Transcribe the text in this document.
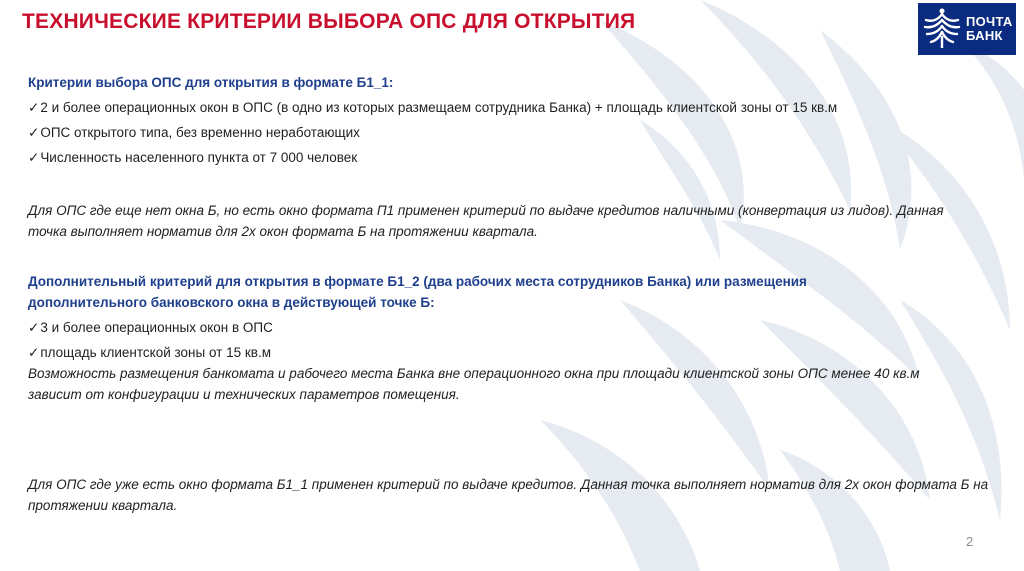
ТЕХНИЧЕСКИЕ КРИТЕРИИ ВЫБОРА ОПС ДЛЯ ОТКРЫТИЯ	ПОЧТА
БАНК
Критерии выбора ОПС для открытия в формате Б1_1:
✓2 и более операционных окон в ОПС (в одно из которых размещаем сотрудника Банка) + площадь клиентской зоны от 15 кв.м
✓ОПС открытого типа, без временно неработающих
✓Численность населенного пункта от 7 000 человек
Для ОПС где еще нет окна Б, но есть окно формата П1 применен критерий по выдаче кредитов наличными (конвертация из лидов). Данная точка выполняет норматив для 2х окон формата Б на протяжении квартала.
Дополнительный критерий для открытия в формате Б1_2 (два рабочих места сотрудников Банка) или размещения дополнительного банковского окна в действующей точке Б:
✓3 и более операционных окон в ОПС
✓площадь клиентской зоны от 15 кв.м
Возможность размещения банкомата и рабочего места Банка вне операционного окна при площади клиентской зоны ОПС менее 40 кв.м зависит от конфигурации и технических параметров помещения.
Для ОПС где уже есть окно формата Б1_1 применен критерий по выдаче кредитов. Данная точка выполняет норматив для 2х окон формата Б на протяжении квартала.
2
